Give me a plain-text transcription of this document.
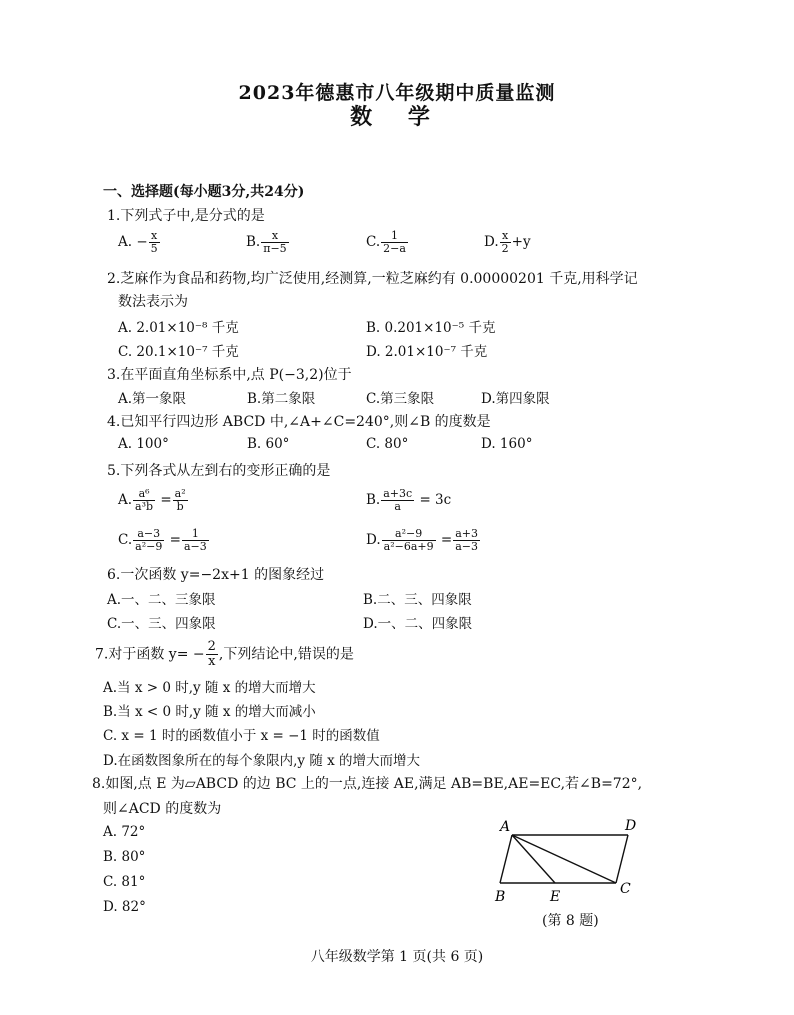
2023年德惠市八年级期中质量监测
数 学
一、选择题(每小题3分,共24分)
1.下列式子中,是分式的是
A. − $\frac{x}{5}$	B. $\frac{x}{\pi-5}$	C. $\frac{1}{2-a}$	D. $\frac{x}{2} +y$
2.芝麻作为食品和药物,均广泛使用,经测算,一粒芝麻约有 0.00000201 千克,用科学记
数法表示为
A. 2.01×10⁻⁸ 千克	B. 0.201×10⁻⁵ 千克
C. 20.1×10⁻⁷ 千克	D. 2.01×10⁻⁷ 千克
3.在平面直角坐标系中,点 P(−3,2)位于
A.第一象限	B.第二象限	C.第三象限	D.第四象限
4.已知平行四边形 ABCD 中,∠A+∠C=240°,则∠B 的度数是
A. 100°	B. 60°	C. 80°	D. 160°
5.下列各式从左到右的变形正确的是
A. $\frac{\text{a⁶}}{\text{a³b}} = \frac{\text{a²}}{b}$	B. $\frac{a+3c}{a} = 3c$
C. $\frac{a-3}{\text{a²−9}} = \frac{1}{a-3}$	D. $\frac{\text{a²−9}}{\text{a²−6a+9}} = \frac{a+3}{a-3}$
6.一次函数 y=−2x+1 的图象经过
A.一、二、三象限	B.二、三、四象限
C.一、三、四象限	D.一、二、四象限
7.对于函数 $y= - \frac{2}{x}$ ,下列结论中,错误的是
A.当 x > 0 时,y 随 x 的增大而增大
B.当 x < 0 时,y 随 x 的增大而减小
C. x = 1 时的函数值小于 x = −1 时的函数值
D.在函数图象所在的每个象限内,y 随 x 的增大而增大
8.如图,点 E 为▱ABCD 的边 BC 上的一点,连接 AE,满足 AB=BE,AE=EC,若∠B=72°,
则∠ACD 的度数为
A. 72°
B. 80°
C. 81°
D. 82°
A	D
B	E	C
(第 8 题)
八年级数学第 1 页(共 6 页)
